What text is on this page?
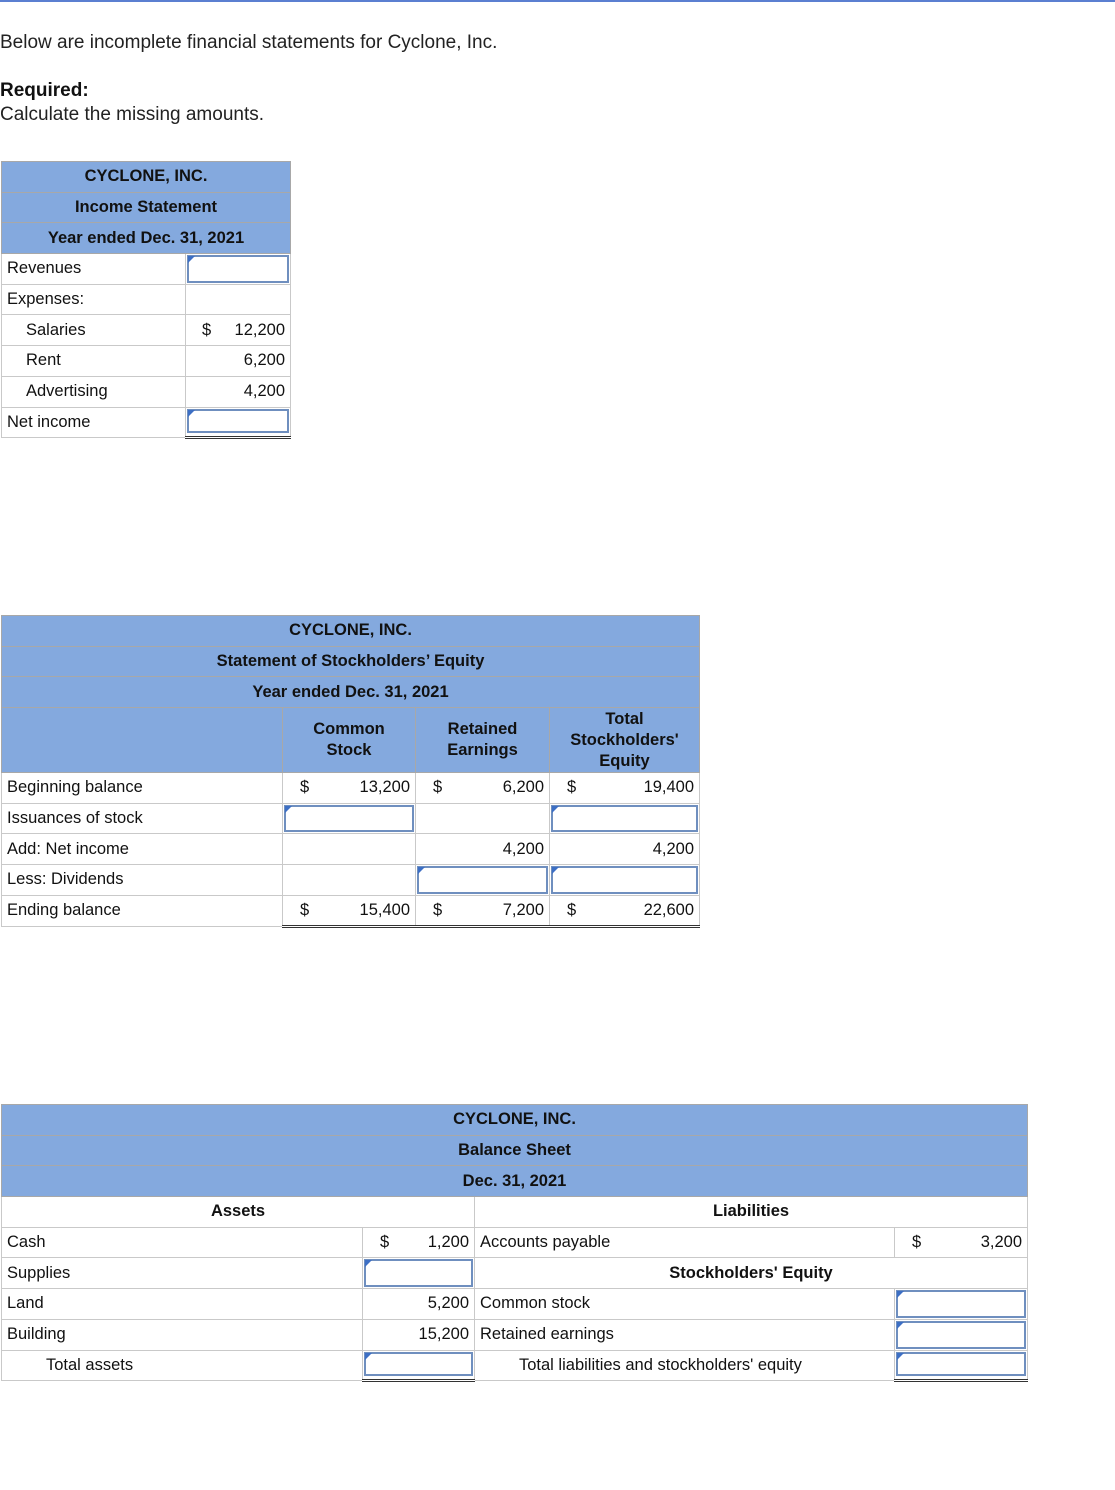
Below are incomplete financial statements for Cyclone, Inc.
Required:
Calculate the missing amounts.
CYCLONE, INC.	
Income Statement	
Year ended Dec. 31, 2021	
Revenues	

Expenses:	
Salaries	$ 12,200

Rent	6,200
Advertising	4,200
Net income	
CYCLONE, INC.			
Statement of Stockholders’ Equity			
Year ended Dec. 31, 2021			
	Common Stock	Retained Earnings	Total Stockholders' Equity
Beginning balance	$ 13,200	$ 6,200	$ 19,400

Issuances of stock	

Add: Net income		4,200	4,200
Less: Dividends		

Ending balance	$ 15,400	$ 7,200	$ 22,600
CYCLONE, INC.			
Balance Sheet			
Dec. 31, 2021			
Assets		Liabilities	
Cash	$ 1,200	Accounts payable	$ 3,200

Supplies		Stockholders' Equity	
Land	5,200	Common stock	

Building	15,200	Retained earnings	

Total assets		Total liabilities and stockholders' equity	
